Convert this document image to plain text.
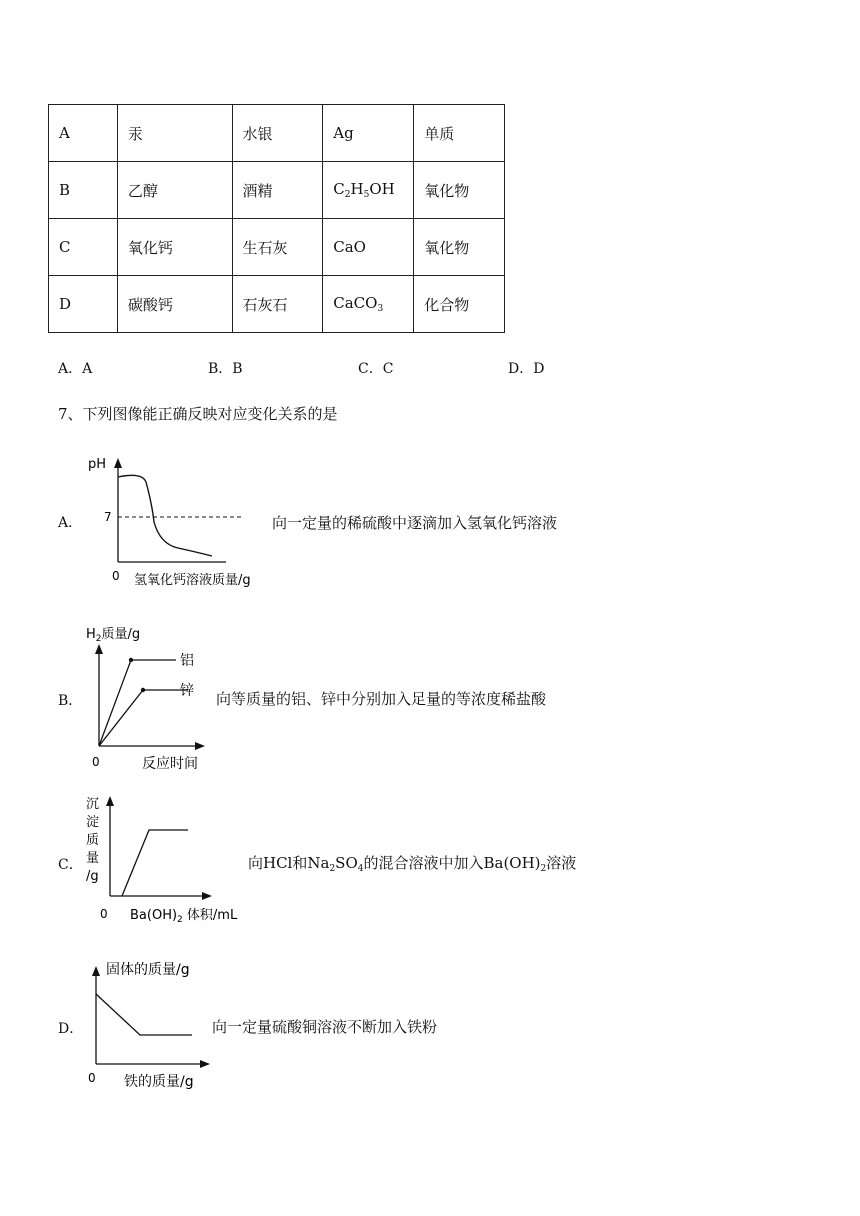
A	汞	水银	Ag	单质
B	乙醇	酒精	$C_2H_5OH$	氧化物
C	氧化钙	生石灰	CaO	氧化物
D	碳酸钙	石灰石	CaCO$_3$	化合物
A．A	B．B	C．C	D．D
7、下列图像能正确反映对应变化关系的是
A．
pH
7
0 氢氧化钙溶液质量/g
向一定量的稀硫酸中逐滴加入氢氧化钙溶液
B．
$H_2$质量/g
铝
锌
0	反应时间
向等质量的铝、锌中分别加入足量的等浓度稀盐酸
C．
沉
淀
质
量
/g
0 $Ba(OH)_2$ 体积/mL
向HCl和$Na_2SO_4$的混合溶液中加入$Ba(OH)_2$溶液
D．
固体的质量/g
0 铁的质量/g
向一定量硫酸铜溶液不断加入铁粉
